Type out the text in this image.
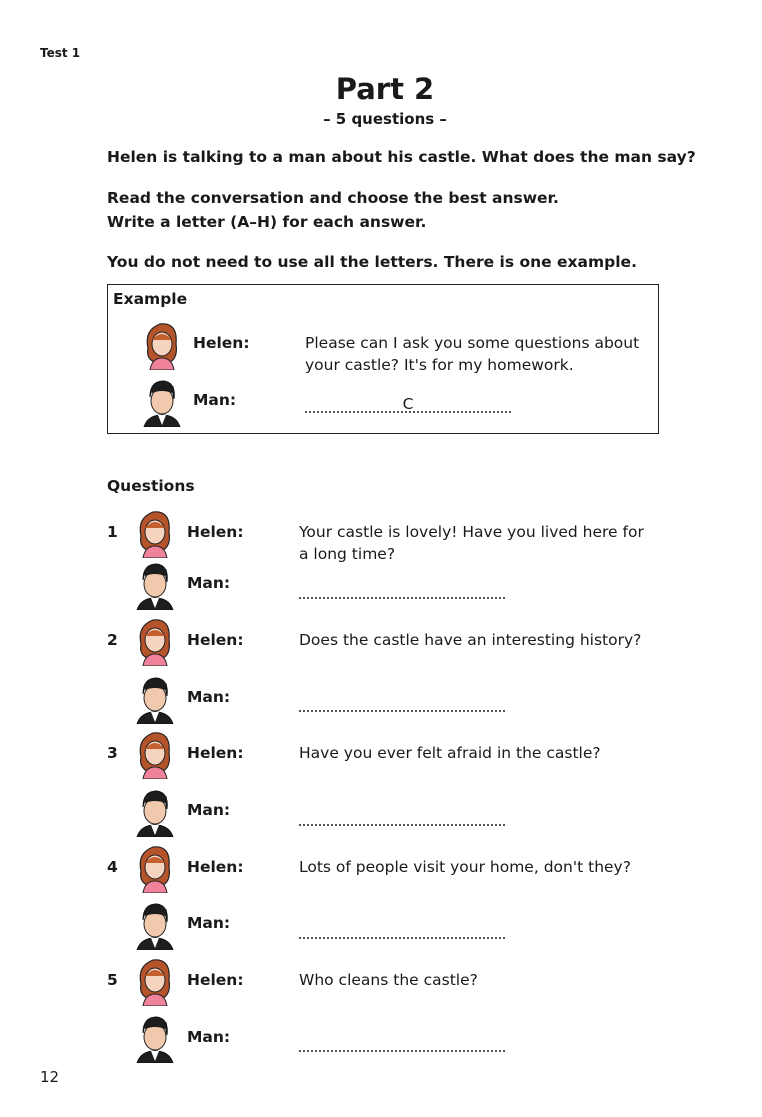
Test 1
Part 2
– 5 questions –
Helen is talking to a man about his castle. What does the man say?
Read the conversation and choose the best answer.
Write a letter (A–H) for each answer.
You do not need to use all the letters. There is one example.
Example
Helen:	Please can I ask you some questions about
your castle? It's for my homework.
Man:	C
Questions
1	Helen:	Your castle is lovely! Have you lived here for a long time?
Man:
2	Helen:	Does the castle have an interesting history?
Man:
3	Helen:	Have you ever felt afraid in the castle?
Man:
4	Helen:	Lots of people visit your home, don't they?
Man:
5	Helen:	Who cleans the castle?
Man:
12
